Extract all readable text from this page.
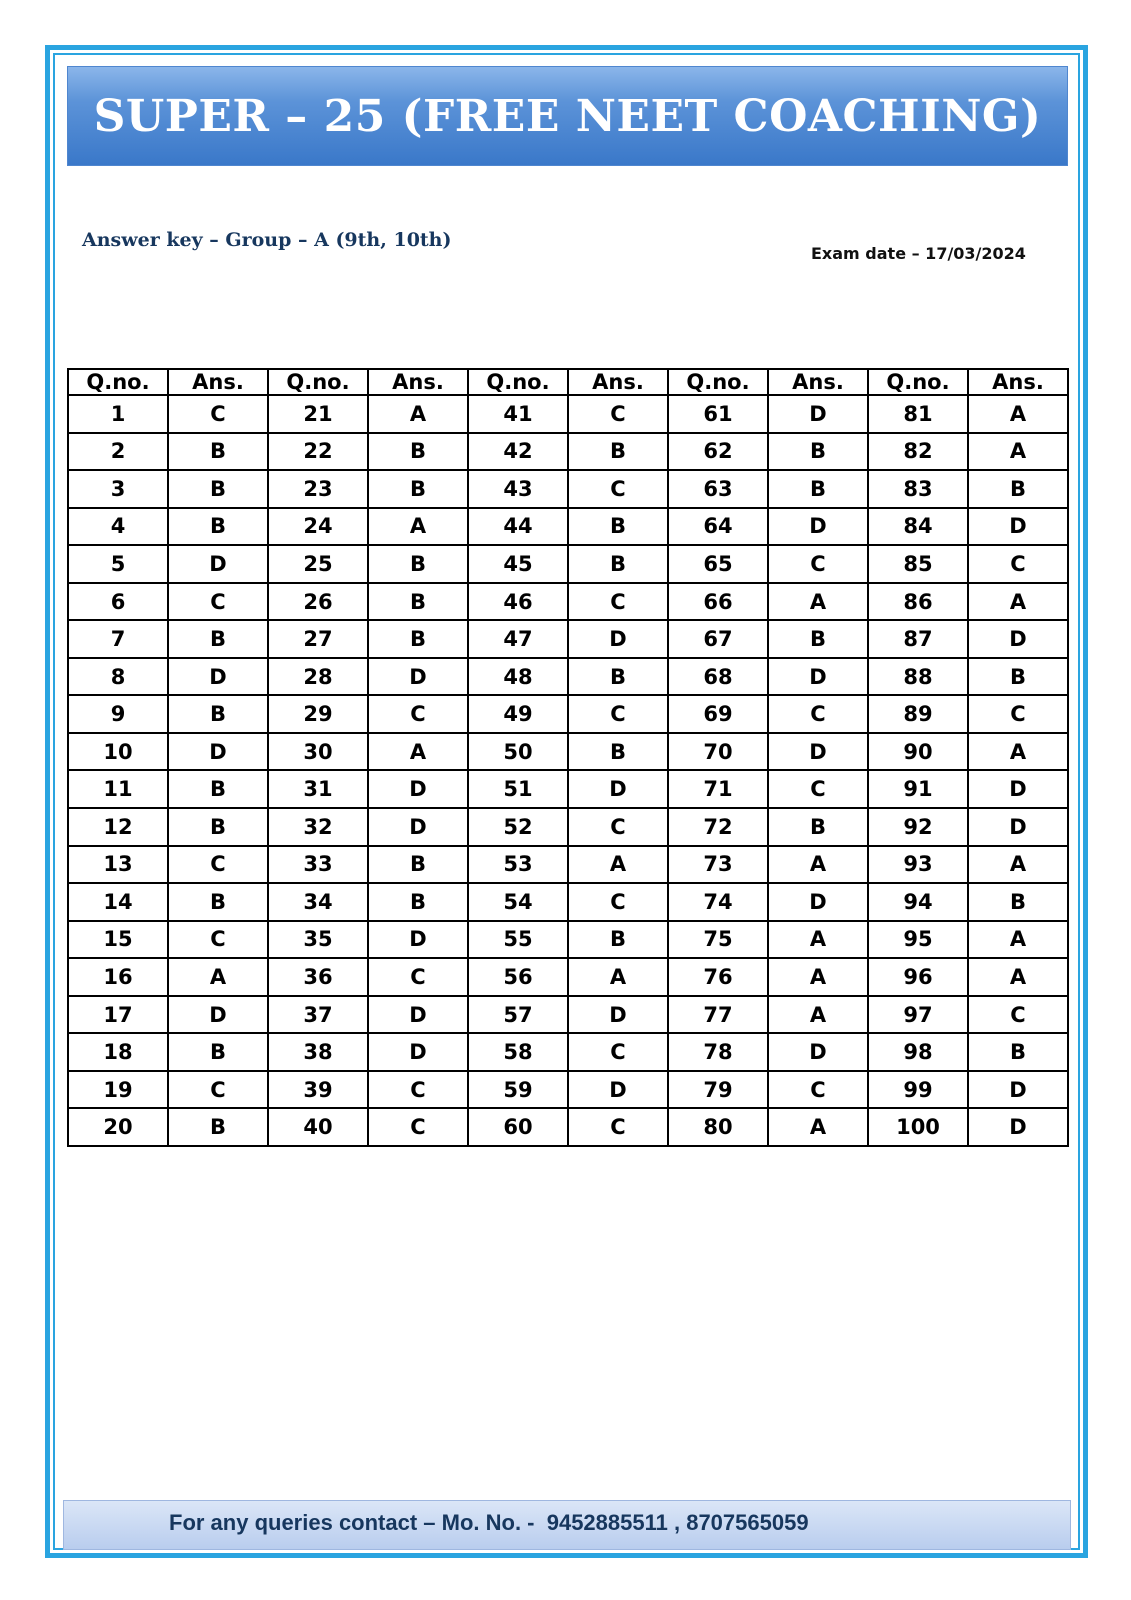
SUPER – 25 (FREE NEET COACHING)
Answer key – Group – A (9th, 10th)
Exam date – 17/03/2024
Q.no.	Ans.	Q.no.	Ans.	Q.no.	Ans.	Q.no.	Ans.	Q.no.	Ans.
1	C	21	A	41	C	61	D	81	A
2	B	22	B	42	B	62	B	82	A
3	B	23	B	43	C	63	B	83	B
4	B	24	A	44	B	64	D	84	D
5	D	25	B	45	B	65	C	85	C
6	C	26	B	46	C	66	A	86	A
7	B	27	B	47	D	67	B	87	D
8	D	28	D	48	B	68	D	88	B
9	B	29	C	49	C	69	C	89	C
10	D	30	A	50	B	70	D	90	A
11	B	31	D	51	D	71	C	91	D
12	B	32	D	52	C	72	B	92	D
13	C	33	B	53	A	73	A	93	A
14	B	34	B	54	C	74	D	94	B
15	C	35	D	55	B	75	A	95	A
16	A	36	C	56	A	76	A	96	A
17	D	37	D	57	D	77	A	97	C
18	B	38	D	58	C	78	D	98	B
19	C	39	C	59	D	79	C	99	D
20	B	40	C	60	C	80	A	100	D
For any queries contact – Mo. No. -  9452885511 , 8707565059
